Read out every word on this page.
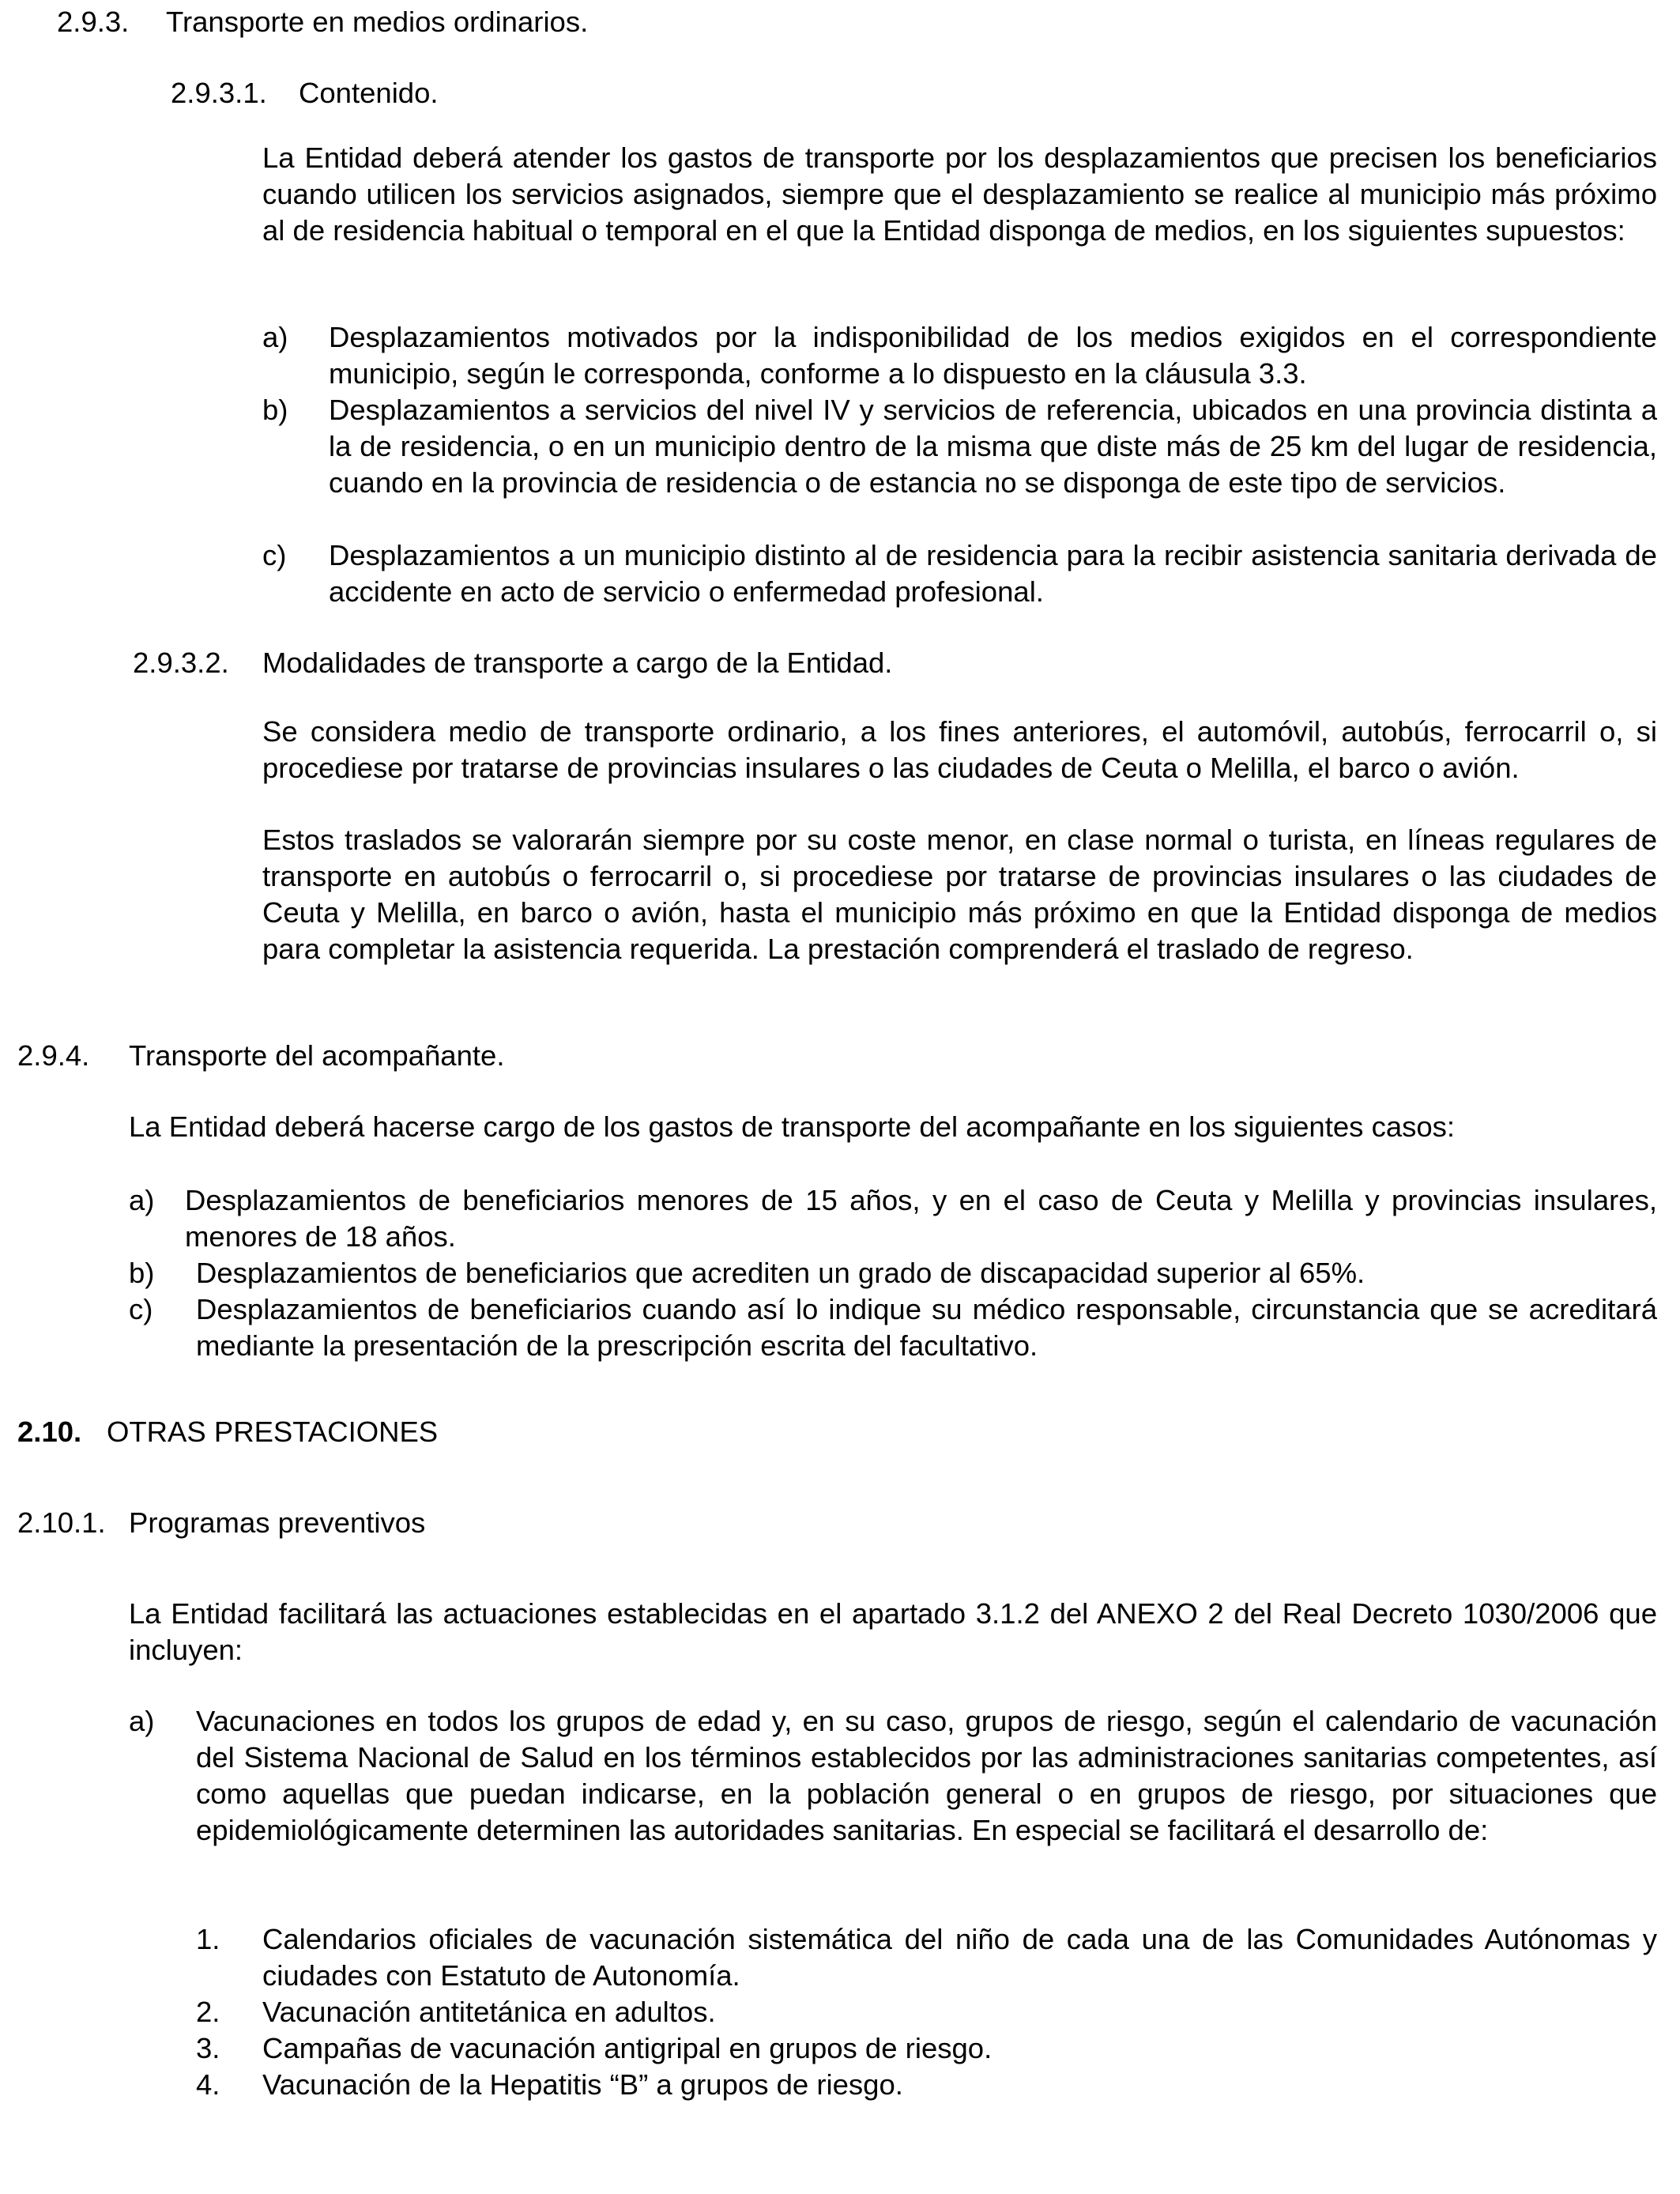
2.9.3. Transporte en medios ordinarios.
2.9.3.1. Contenido.

La Entidad deberá atender los gastos de transporte por los desplazamientos que precisen los beneficiarios cuando utilicen los servicios asignados, siempre que el desplazamiento se realice al municipio más próximo al de residencia habitual o temporal en el que la Entidad disponga de medios, en los siguientes supuestos:

a) Desplazamientos motivados por la indisponibilidad de los medios exigidos en el correspondiente municipio, según le corresponda, conforme a lo dispuesto en la cláusula 3.3.

b) Desplazamientos a servicios del nivel IV y servicios de referencia, ubicados en una provincia distinta a la de residencia, o en un municipio dentro de la misma que diste más de 25 km del lugar de residencia, cuando en la provincia de residencia o de estancia no se disponga de este tipo de servicios.

c) Desplazamientos a un municipio distinto al de residencia para la recibir asistencia sanitaria derivada de accidente en acto de servicio o enfermedad profesional.

2.9.3.2. Modalidades de transporte a cargo de la Entidad.

Se considera medio de transporte ordinario, a los fines anteriores, el automóvil, autobús, ferrocarril o, si procediese por tratarse de provincias insulares o las ciudades de Ceuta o Melilla, el barco o avión.

Estos traslados se valorarán siempre por su coste menor, en clase normal o turista, en líneas regulares de transporte en autobús o ferrocarril o, si procediese por tratarse de provincias insulares o las ciudades de Ceuta y Melilla, en barco o avión, hasta el municipio más próximo en que la Entidad disponga de medios para completar la asistencia requerida. La prestación comprenderá el traslado de regreso.

2.9.4. Transporte del acompañante.
La Entidad deberá hacerse cargo de los gastos de transporte del acompañante en los siguientes casos:
a) Desplazamientos de beneficiarios menores de 15 años, y en el caso de Ceuta y Melilla y provincias insulares, menores de 18 años.

b) Desplazamientos de beneficiarios que acrediten un grado de discapacidad superior al 65%.

c) Desplazamientos de beneficiarios cuando así lo indique su médico responsable, circunstancia que se acreditará mediante la presentación de la prescripción escrita del facultativo.

2.10. OTRAS PRESTACIONES
2.10.1. Programas preventivos

La Entidad facilitará las actuaciones establecidas en el apartado 3.1.2 del ANEXO 2 del Real Decreto 1030/2006 que incluyen:

a) Vacunaciones en todos los grupos de edad y, en su caso, grupos de riesgo, según el calendario de vacunación del Sistema Nacional de Salud en los términos establecidos por las administraciones sanitarias competentes, así como aquellas que puedan indicarse, en la población general o en grupos de riesgo, por situaciones que epidemiológicamente determinen las autoridades sanitarias. En especial se facilitará el desarrollo de:

1. Calendarios oficiales de vacunación sistemática del niño de cada una de las Comunidades Autónomas y ciudades con Estatuto de Autonomía.

2. Vacunación antitetánica en adultos.
3. Campañas de vacunación antigripal en grupos de riesgo.
4. Vacunación de la Hepatitis “B” a grupos de riesgo.
